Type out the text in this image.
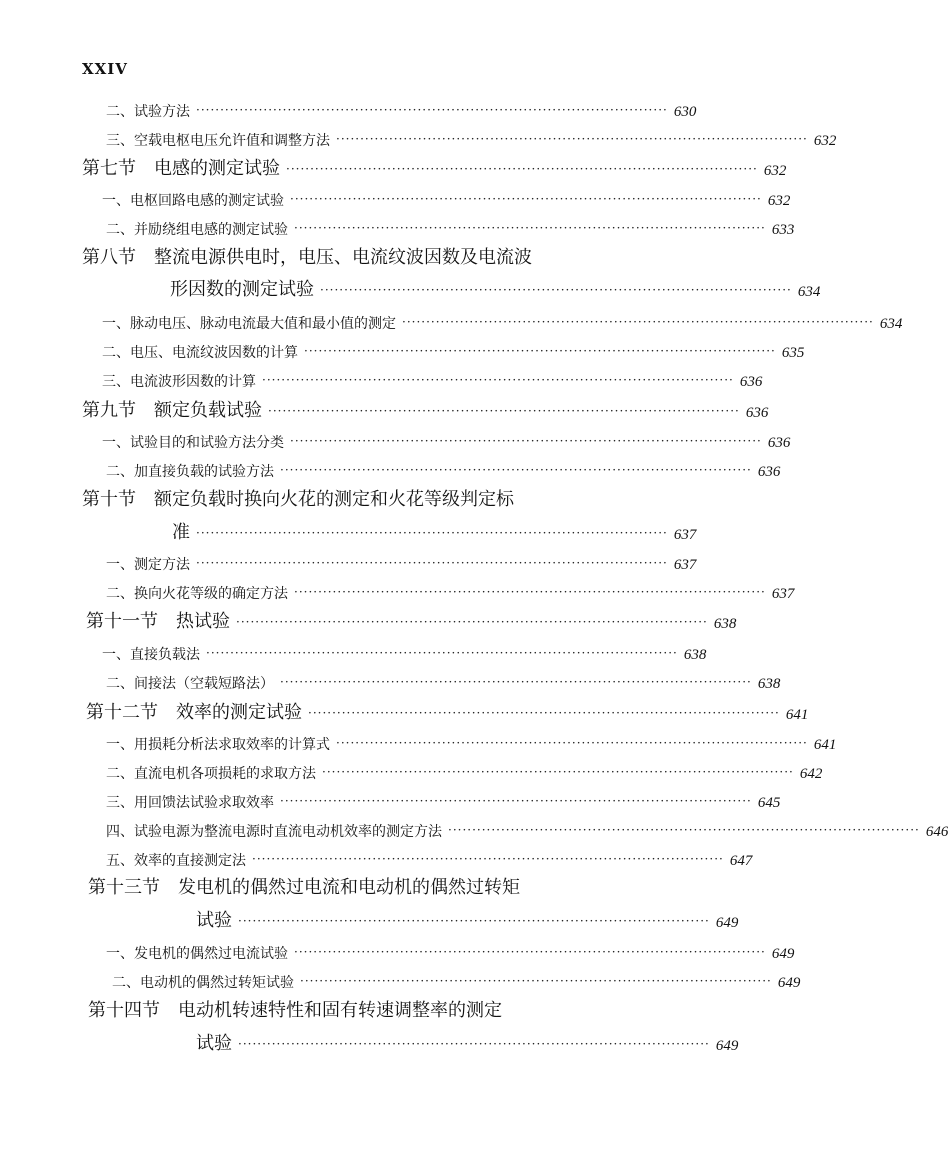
XXIV
二、试验方法 ·································································································· 630
三、空载电枢电压允许值和调整方法 ·································································································· 632
第七节　电感的测定试验 ·································································································· 632
一、电枢回路电感的测定试验 ·································································································· 632
二、并励绕组电感的测定试验 ·································································································· 633
第八节　整流电源供电时，电压、电流纹波因数及电流波
形因数的测定试验 ·································································································· 634
一、脉动电压、脉动电流最大值和最小值的测定 ·································································································· 634
二、电压、电流纹波因数的计算 ·································································································· 635
三、电流波形因数的计算 ·································································································· 636
第九节　额定负载试验 ·································································································· 636
一、试验目的和试验方法分类 ·································································································· 636
二、加直接负载的试验方法 ·································································································· 636
第十节　额定负载时换向火花的测定和火花等级判定标
准 ·································································································· 637
一、测定方法 ·································································································· 637
二、换向火花等级的确定方法 ·································································································· 637
第十一节　热试验 ·································································································· 638
一、直接负载法 ·································································································· 638
二、间接法（空载短路法） ·································································································· 638
第十二节　效率的测定试验 ·································································································· 641
一、用损耗分析法求取效率的计算式 ·································································································· 641
二、直流电机各项损耗的求取方法 ·································································································· 642
三、用回馈法试验求取效率 ·································································································· 645
四、试验电源为整流电源时直流电动机效率的测定方法 ·································································································· 646
五、效率的直接测定法 ·································································································· 647
第十三节　发电机的偶然过电流和电动机的偶然过转矩
试验 ·································································································· 649
一、发电机的偶然过电流试验 ·································································································· 649
二、电动机的偶然过转矩试验 ·································································································· 649
第十四节　电动机转速特性和固有转速调整率的测定
试验 ·································································································· 649
